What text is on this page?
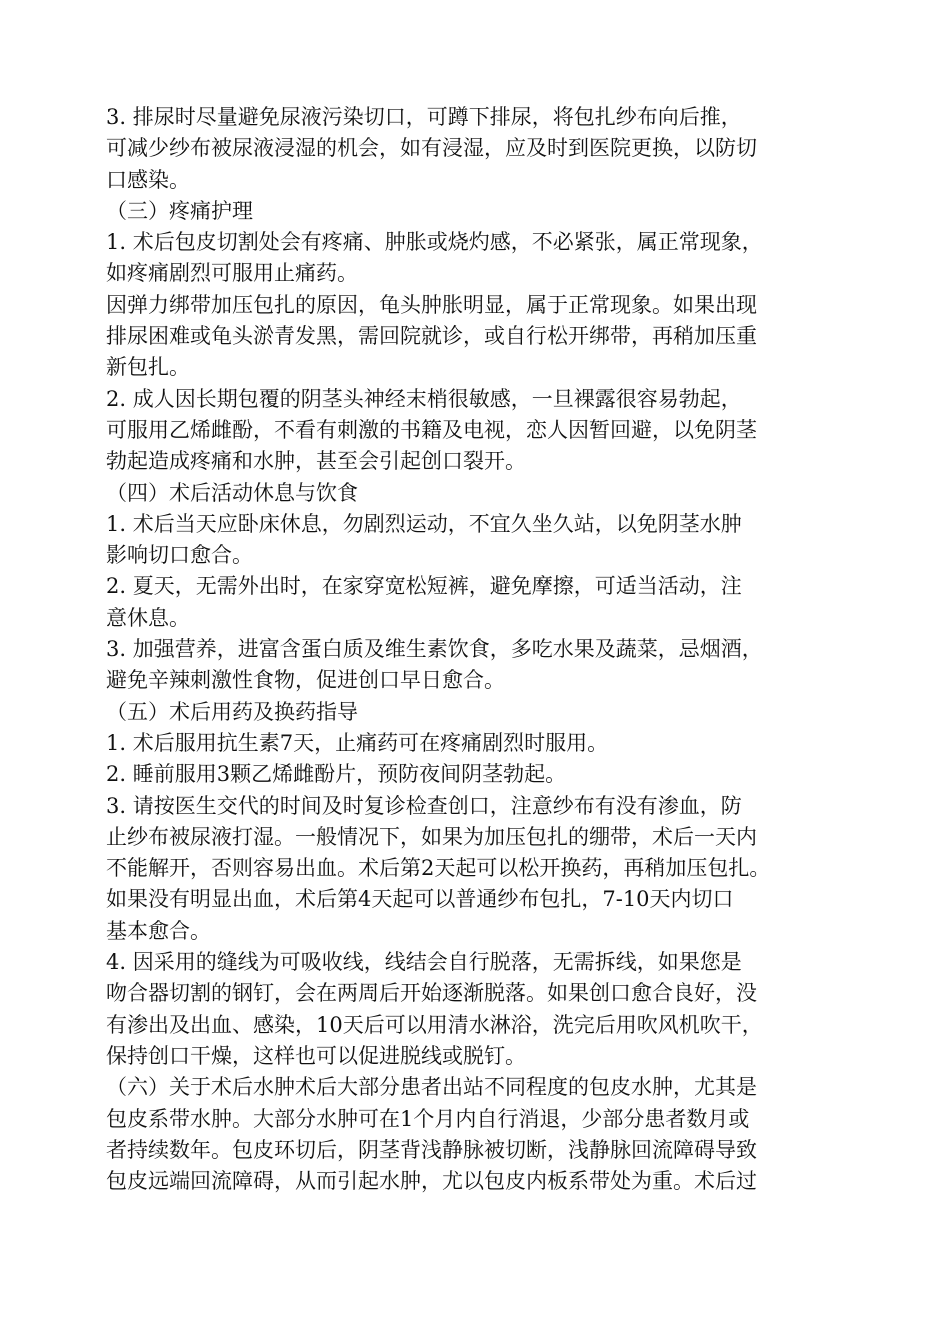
3. 排尿时尽量避免尿液污染切口，可蹲下排尿，将包扎纱布向后推，
可减少纱布被尿液浸湿的机会，如有浸湿，应及时到医院更换，以防切
口感染。
（三）疼痛护理
1. 术后包皮切割处会有疼痛、肿胀或烧灼感，不必紧张，属正常现象，
如疼痛剧烈可服用止痛药。
因弹力绑带加压包扎的原因，龟头肿胀明显，属于正常现象。如果出现
排尿困难或龟头淤青发黑，需回院就诊，或自行松开绑带，再稍加压重
新包扎。
2. 成人因长期包覆的阴茎头神经末梢很敏感，一旦裸露很容易勃起，
可服用乙烯雌酚，不看有刺激的书籍及电视，恋人因暂回避，以免阴茎
勃起造成疼痛和水肿，甚至会引起创口裂开。
（四）术后活动休息与饮食
1. 术后当天应卧床休息，勿剧烈运动，不宜久坐久站，以免阴茎水肿
影响切口愈合。
2. 夏天，无需外出时，在家穿宽松短裤，避免摩擦，可适当活动，注
意休息。
3. 加强营养，进富含蛋白质及维生素饮食，多吃水果及蔬菜，忌烟酒，
避免辛辣刺激性食物，促进创口早日愈合。
（五）术后用药及换药指导
1. 术后服用抗生素7天，止痛药可在疼痛剧烈时服用。
2. 睡前服用3颗乙烯雌酚片，预防夜间阴茎勃起。
3. 请按医生交代的时间及时复诊检查创口，注意纱布有没有渗血，防
止纱布被尿液打湿。一般情况下，如果为加压包扎的绷带，术后一天内
不能解开，否则容易出血。术后第2天起可以松开换药，再稍加压包扎。
如果没有明显出血，术后第4天起可以普通纱布包扎，7-10天内切口
基本愈合。
4. 因采用的缝线为可吸收线，线结会自行脱落，无需拆线，如果您是
吻合器切割的钢钉，会在两周后开始逐渐脱落。如果创口愈合良好，没
有渗出及出血、感染，10天后可以用清水淋浴，洗完后用吹风机吹干，
保持创口干燥，这样也可以促进脱线或脱钉。
（六）关于术后水肿术后大部分患者出站不同程度的包皮水肿，尤其是
包皮系带水肿。大部分水肿可在1个月内自行消退，少部分患者数月或
者持续数年。包皮环切后，阴茎背浅静脉被切断，浅静脉回流障碍导致
包皮远端回流障碍，从而引起水肿，尤以包皮内板系带处为重。术后过
